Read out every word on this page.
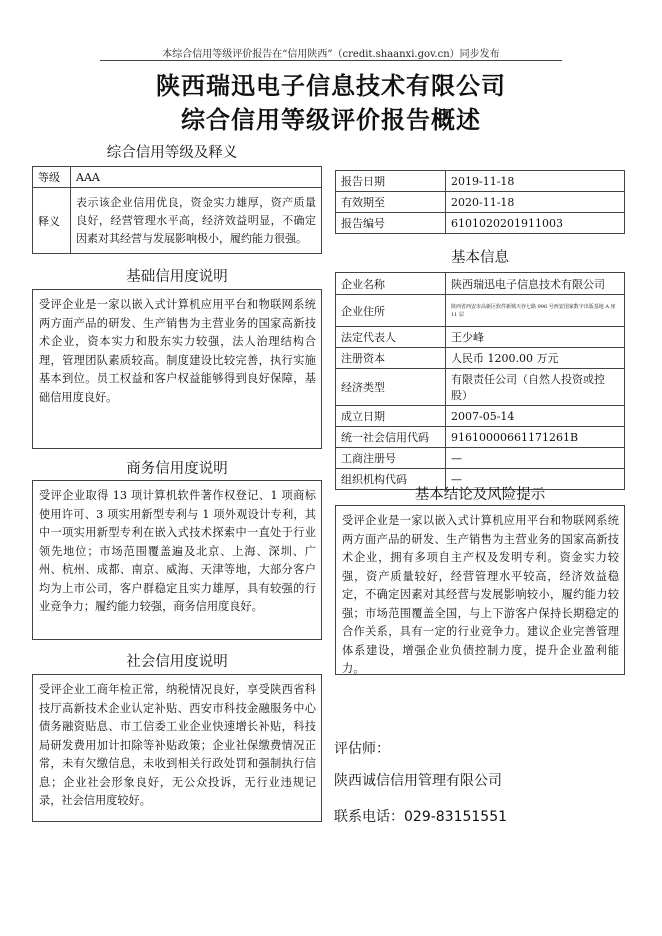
本综合信用等级评价报告在“信用陕西”（credit.shaanxi.gov.cn）同步发布
陕西瑞迅电子信息技术有限公司
综合信用等级评价报告概述
综合信用等级及释义
等级	AAA
释义	表示该企业信用优良，资金实力雄厚，资产质量良好，经营管理水平高，经济效益明显，不确定因素对其经营与发展影响极小，履约能力很强。
报告日期	2019-11-18
有效期至	2020-11-18
报告编号	6101020201911003
基本信息
企业名称	陕西瑞迅电子信息技术有限公司
企业住所	陕西省西安市高新区软件新城天谷七路 996 号西安国家数字出版基地 A 座 11 层
法定代表人	王少峰
注册资本	人民币 1200.00 万元
经济类型	有限责任公司（自然人投资或控股）
成立日期	2007-05-14
统一社会信用代码	91610000661171261B
工商注册号	—
组织机构代码	—
基础信用度说明
受评企业是一家以嵌入式计算机应用平台和物联网系统两方面产品的研发、生产销售为主营业务的国家高新技术企业，资本实力和股东实力较强，法人治理结构合理，管理团队素质较高。制度建设比较完善，执行实施基本到位。员工权益和客户权益能够得到良好保障，基础信用度良好。
商务信用度说明
受评企业取得 13 项计算机软件著作权登记、1 项商标使用许可、3 项实用新型专利与 1 项外观设计专利，其中一项实用新型专利在嵌入式技术探索中一直处于行业领先地位；市场范围覆盖遍及北京、上海、深圳、广州、杭州、成都、南京、威海、天津等地，大部分客户均为上市公司，客户群稳定且实力雄厚，具有较强的行业竞争力；履约能力较强，商务信用度良好。
基本结论及风险提示
受评企业是一家以嵌入式计算机应用平台和物联网系统两方面产品的研发、生产销售为主营业务的国家高新技术企业，拥有多项自主产权及发明专利。资金实力较强，资产质量较好，经营管理水平较高，经济效益稳定，不确定因素对其经营与发展影响较小，履约能力较强；市场范围覆盖全国，与上下游客户保持长期稳定的合作关系，具有一定的行业竞争力。建议企业完善管理体系建设，增强企业负债控制力度，提升企业盈利能力。
社会信用度说明
受评企业工商年检正常，纳税情况良好，享受陕西省科技厅高新技术企业认定补贴、西安市科技金融服务中心债务融资贴息、市工信委工业企业快速增长补贴，科技局研发费用加计扣除等补贴政策；企业社保缴费情况正常，未有欠缴信息，未收到相关行政处罚和强制执行信息；企业社会形象良好，无公众投诉，无行业违规记录，社会信用度较好。
评估师：
陕西诚信信用管理有限公司
联系电话：029-83151551
